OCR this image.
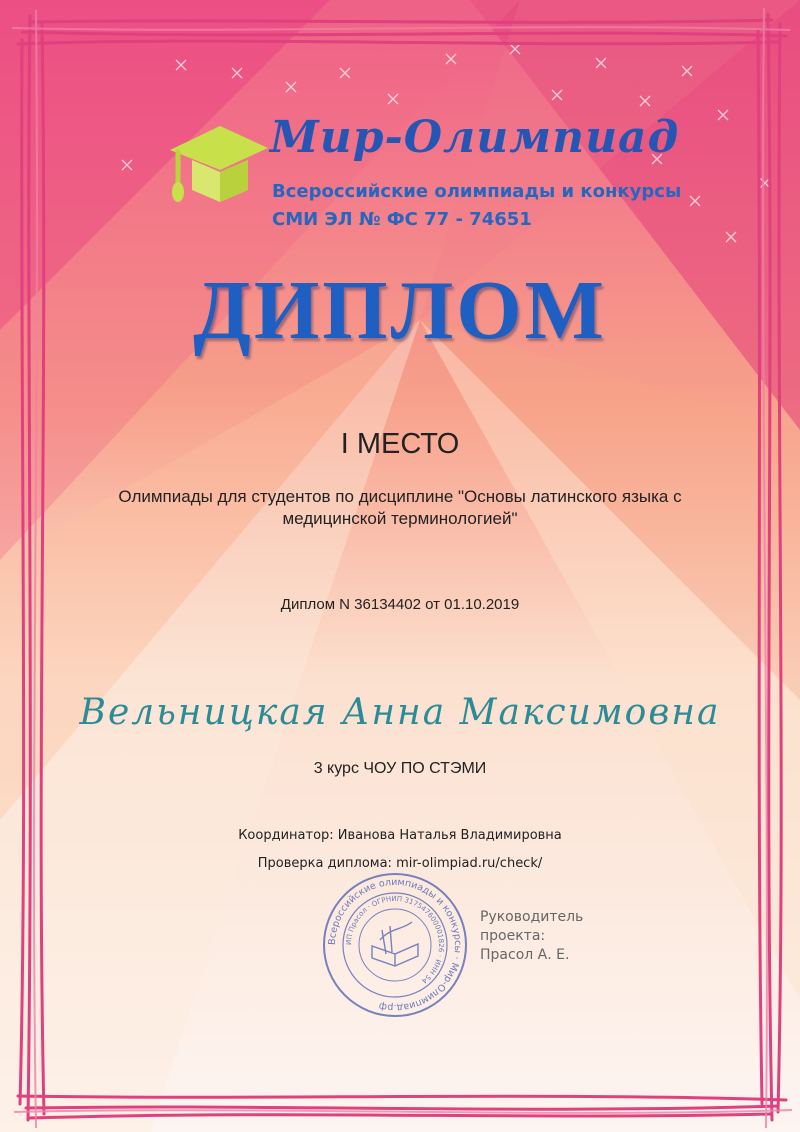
Мир-Олимпиад
Всероссийские олимпиады и конкурсы
СМИ ЭЛ № ФС 77 - 74651
ДИПЛОМ
I МЕСТО
Олимпиады для студентов по дисциплине "Основы латинского языка с
медицинской терминологией"
Диплом N 36134402 от 01.10.2019
Вельницкая Анна Максимовна
3 курс ЧОУ ПО СТЭМИ
Координатор: Иванова Наталья Владимировна
Проверка диплома: mir-olimpiad.ru/check/
Всероссийские олимпиады и конкурсы · Мир-Олимпиад.рф
ИП Прасол · ОГРНИП 317547600001826 · ИНН 54
Руководитель
проекта:
Прасол А. Е.
